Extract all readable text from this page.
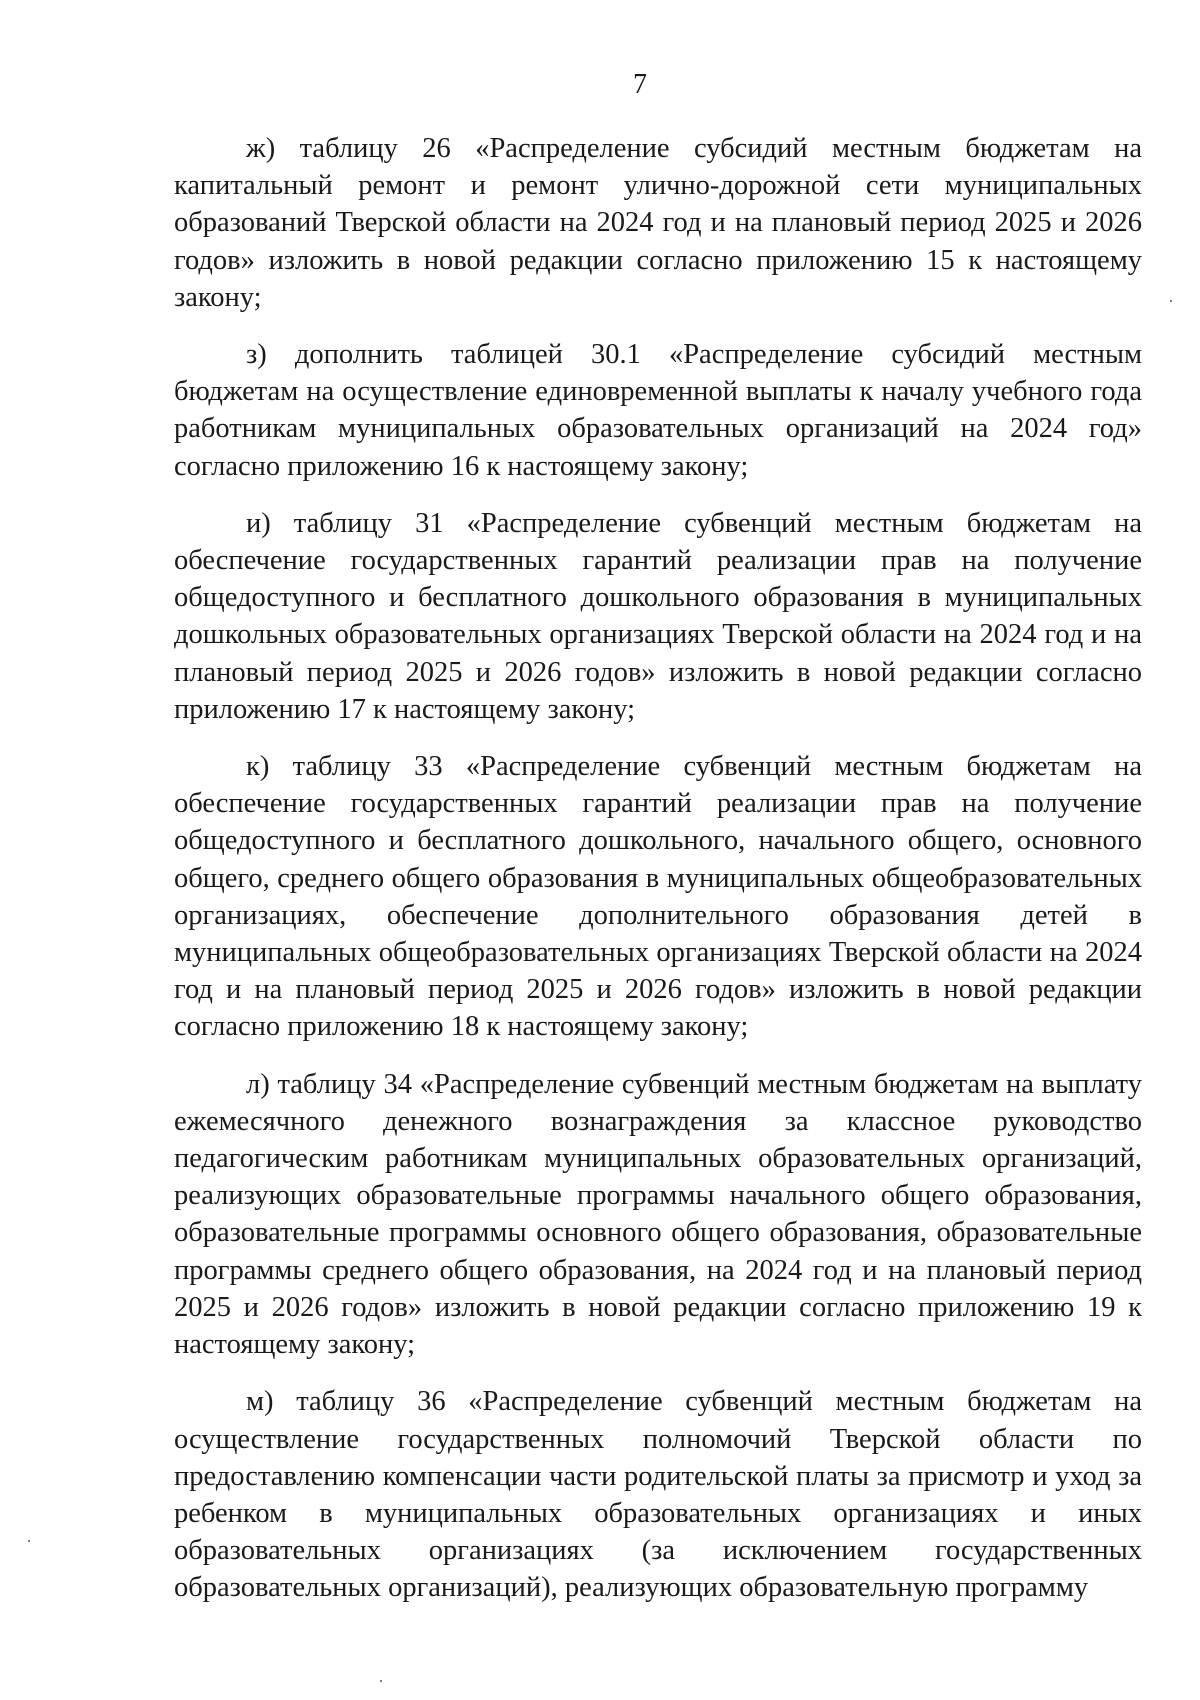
7

ж) таблицу 26 «Распределение субсидий местным бюджетам на капитальный ремонт и ремонт улично-дорожной сети муниципальных образований Тверской области на 2024 год и на плановый период 2025 и 2026 годов» изложить в новой редакции согласно приложению 15 к настоящему закону;

з) дополнить таблицей 30.1 «Распределение субсидий местным бюджетам на осуществление единовременной выплаты к началу учебного года работникам муниципальных образовательных организаций на 2024 год» согласно приложению 16 к настоящему закону;

и) таблицу 31 «Распределение субвенций местным бюджетам на обеспечение государственных гарантий реализации прав на получение общедоступного и бесплатного дошкольного образования в муниципальных дошкольных образовательных организациях Тверской области на 2024 год и на плановый период 2025 и 2026 годов» изложить в новой редакции согласно приложению 17 к настоящему закону;

к) таблицу 33 «Распределение субвенций местным бюджетам на обеспечение государственных гарантий реализации прав на получение общедоступного и бесплатного дошкольного, начального общего, основного общего, среднего общего образования в муниципальных общеобразовательных организациях, обеспечение дополнительного образования детей в муниципальных общеобразовательных организациях Тверской области на 2024 год и на плановый период 2025 и 2026 годов» изложить в новой редакции согласно приложению 18 к настоящему закону;

л) таблицу 34 «Распределение субвенций местным бюджетам на выплату ежемесячного денежного вознаграждения за классное руководство педагогическим работникам муниципальных образовательных организаций, реализующих образовательные программы начального общего образования, образовательные программы основного общего образования, образовательные программы среднего общего образования, на 2024 год и на плановый период 2025 и 2026 годов» изложить в новой редакции согласно приложению 19 к настоящему закону;

м) таблицу 36 «Распределение субвенций местным бюджетам на осуществление государственных полномочий Тверской области по предоставлению компенсации части родительской платы за присмотр и уход за ребенком в муниципальных образовательных организациях и иных образовательных организациях (за исключением государственных образовательных организаций), реализующих образовательную программу
